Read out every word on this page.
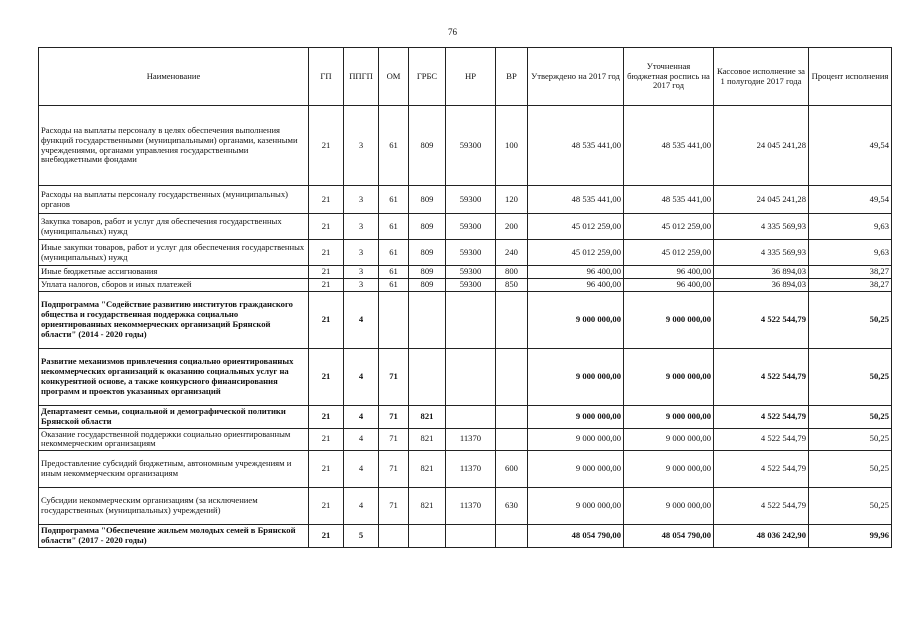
76
Наименование	ГП	ППГП	ОМ	ГРБС	НР	ВР	Утверждено на 2017 год	Уточненная бюджетная роспись на 2017 год	Кассовое исполнение за 1 полугодие 2017 года	Процент исполнения
Расходы на выплаты персоналу в целях обеспечения выполнения функций государственными (муниципальными) органами, казенными учреждениями, органами управления государственными внебюджетными фондами	21	3	61	809	59300	100	48 535 441,00	48 535 441,00	24 045 241,28	49,54
Расходы на выплаты персоналу государственных (муниципальных) органов	21	3	61	809	59300	120	48 535 441,00	48 535 441,00	24 045 241,28	49,54
Закупка товаров, работ и услуг для обеспечения государственных (муниципальных) нужд	21	3	61	809	59300	200	45 012 259,00	45 012 259,00	4 335 569,93	9,63
Иные закупки товаров, работ и услуг для обеспечения государственных (муниципальных) нужд	21	3	61	809	59300	240	45 012 259,00	45 012 259,00	4 335 569,93	9,63
Иные бюджетные ассигнования	21	3	61	809	59300	800	96 400,00	96 400,00	36 894,03	38,27
Уплата налогов, сборов и иных платежей	21	3	61	809	59300	850	96 400,00	96 400,00	36 894,03	38,27
Подпрограмма "Содействие развитию институтов гражданского общества и государственная поддержка социально ориентированных некоммерческих организаций Брянской области" (2014 - 2020 годы)	21	4					9 000 000,00	9 000 000,00	4 522 544,79	50,25
Развитие механизмов привлечения социально ориентированных некоммерческих организаций к оказанию социальных услуг на конкурентной основе, а также конкурсного финансирования программ и проектов указанных организаций	21	4	71				9 000 000,00	9 000 000,00	4 522 544,79	50,25
Департамент семьи, социальной и демографической политики Брянской области	21	4	71	821			9 000 000,00	9 000 000,00	4 522 544,79	50,25
Оказание государственной поддержки социально ориентированным некоммерческим организациям	21	4	71	821	11370		9 000 000,00	9 000 000,00	4 522 544,79	50,25
Предоставление субсидий бюджетным, автономным учреждениям и иным некоммерческим организациям	21	4	71	821	11370	600	9 000 000,00	9 000 000,00	4 522 544,79	50,25
Субсидии некоммерческим организациям (за исключением государственных (муниципальных) учреждений)	21	4	71	821	11370	630	9 000 000,00	9 000 000,00	4 522 544,79	50,25
Подпрограмма "Обеспечение жильем молодых семей в Брянской области" (2017 - 2020 годы)	21	5					48 054 790,00	48 054 790,00	48 036 242,90	99,96
